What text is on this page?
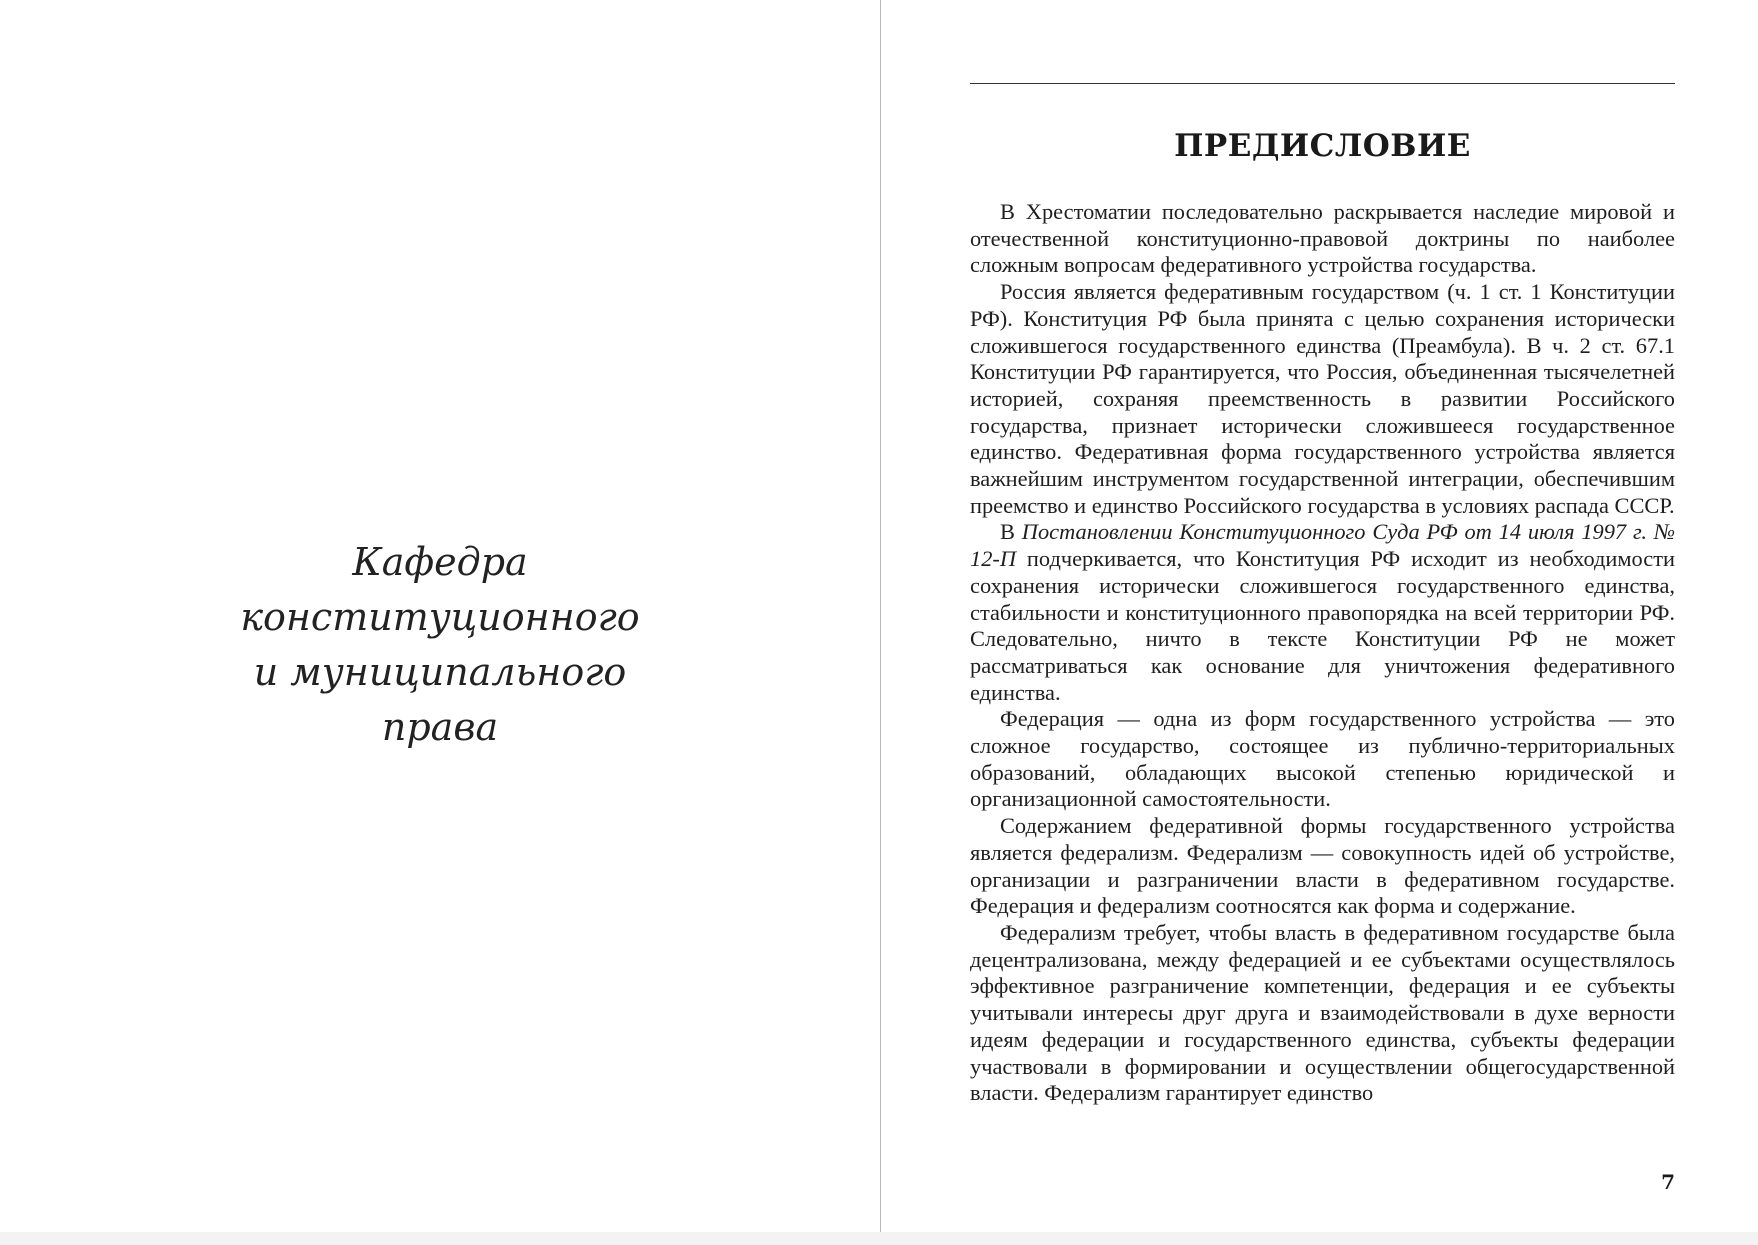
Кафедра
конституционного
и муниципального
права
ПРЕДИСЛОВИЕ

В Хрестоматии последовательно раскрывается наследие мировой и отечественной конституционно-правовой доктрины по наиболее сложным вопросам федеративного устройства государства.

Россия является федеративным государством (ч. 1 ст. 1 Конституции РФ). Конституция РФ была принята с целью сохранения исторически сложившегося государственного единства (Преамбула). В ч. 2 ст. 67.1 Конституции РФ гарантируется, что Россия, объединенная тысячелетней историей, сохраняя преемственность в развитии Российского государства, признает исторически сложившееся государственное единство. Федеративная форма государственного устройства является важнейшим инструментом государственной интеграции, обеспечившим преемство и единство Российского государства в условиях распада СССР.

В Постановлении Конституционного Суда РФ от 14 июля 1997 г. № 12-П подчеркивается, что Конституция РФ исходит из необходимости сохранения исторически сложившегося государственного единства, стабильности и конституционного правопорядка на всей территории РФ. Следовательно, ничто в тексте Конституции РФ не может рассматриваться как основание для уничтожения федеративного единства.

Федерация — одна из форм государственного устройства — это сложное государство, состоящее из публично-территориальных образований, обладающих высокой степенью юридической и организационной самостоятельности.

Содержанием федеративной формы государственного устройства является федерализм. Федерализм — совокупность идей об устройстве, организации и разграничении власти в федеративном государстве. Федерация и федерализм соотносятся как форма и содержание.

Федерализм требует, чтобы власть в федеративном государстве была децентрализована, между федерацией и ее субъектами осуществлялось эффективное разграничение компетенции, федерация и ее субъекты учитывали интересы друг друга и взаимодействовали в духе верности идеям федерации и государственного единства, субъекты федерации участвовали в формировании и осуществлении общегосударственной власти. Федерализм гарантирует единство

7
